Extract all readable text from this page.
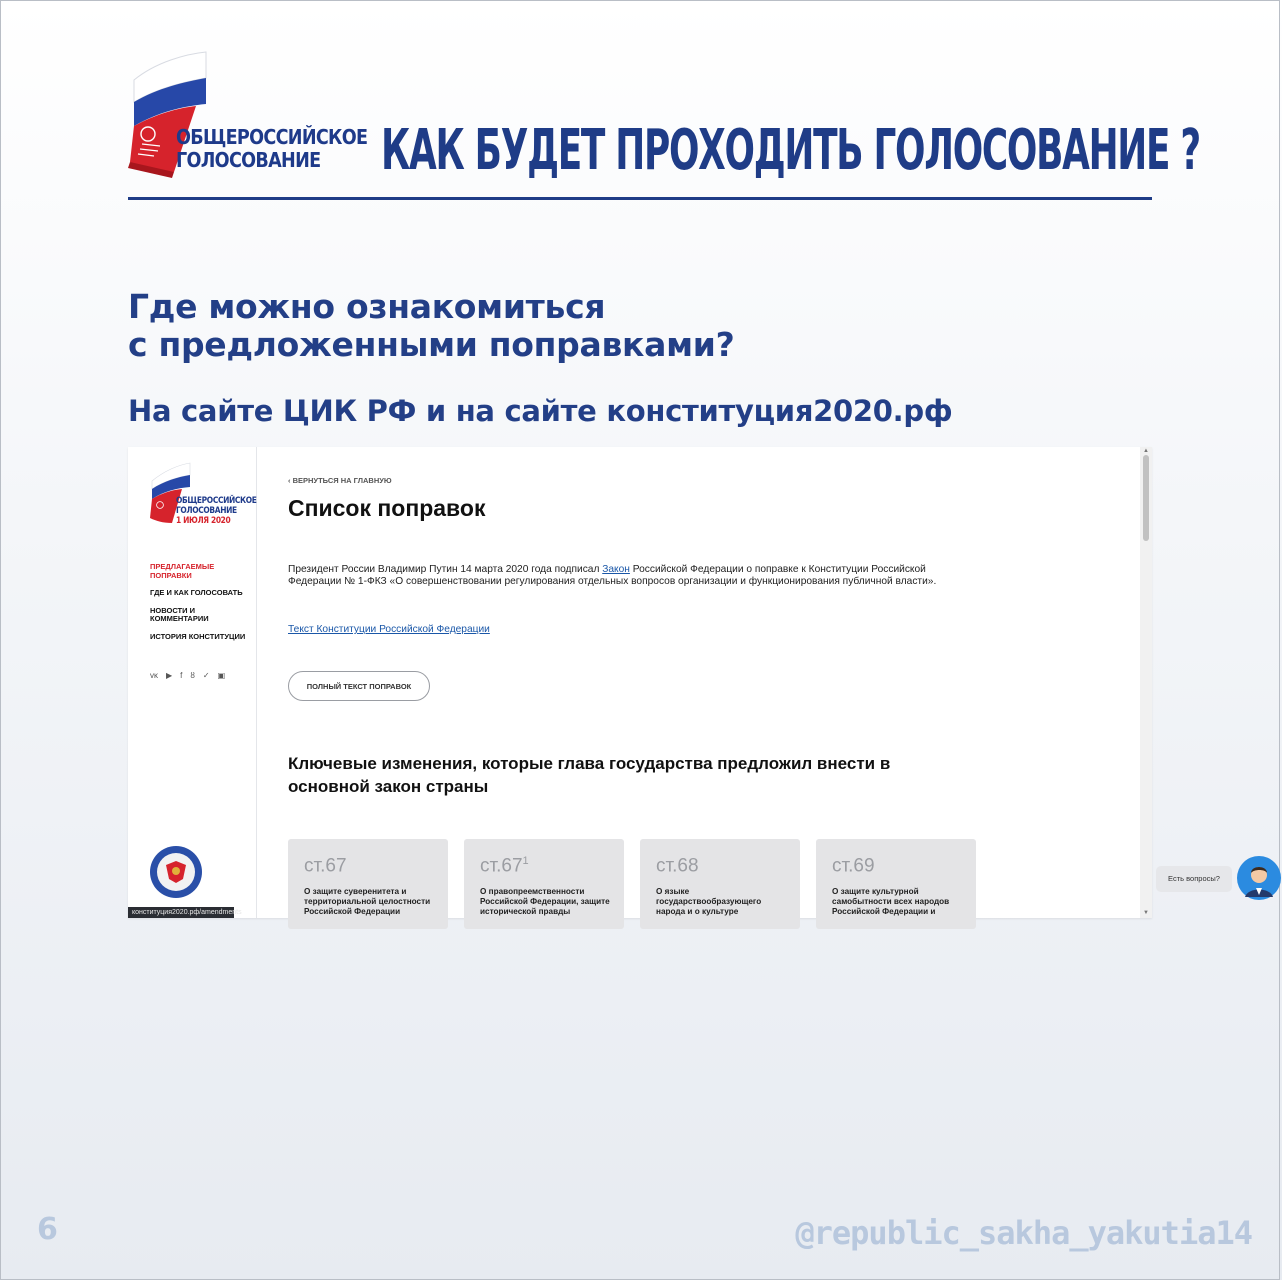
ОБЩЕРОССИЙСКОЕ
ГОЛОСОВАНИЕ	КАК БУДЕТ ПРОХОДИТЬ ГОЛОСОВАНИЕ ?
Где можно ознакомиться
с предложенными поправками?
На сайте ЦИК РФ и на сайте конституция2020.рф
ОБЩЕРОССИЙСКОЕ
ГОЛОСОВАНИЕ
1 ИЮЛЯ 2020
ПРЕДЛАГАЕМЫЕ ПОПРАВКИ
ГДЕ И КАК ГОЛОСОВАТЬ
НОВОСТИ И КОММЕНТАРИИ
ИСТОРИЯ КОНСТИТУЦИИ
ᴠᴋ ▶ f ȣ ✓ ▣
конституция2020.рф/amendments
‹ ВЕРНУТЬСЯ НА ГЛАВНУЮ
Список поправок

Президент России Владимир Путин 14 марта 2020 года подписал Закон Российской Федерации о поправке к Конституции Российской Федерации № 1-ФКЗ «О совершенствовании регулирования отдельных вопросов организации и функционирования публичной власти».

Текст Конституции Российской Федерации
ПОЛНЫЙ ТЕКСТ ПОПРАВОК
Ключевые изменения, которые глава государства предложил внести в основной закон страны
ст.67
О защите суверенитета и территориальной целостности Российской Федерации
$ст.67^1$
О правопреемственности Российской Федерации, защите исторической правды
ст.68
О языке государствообразующего народа и о культуре
ст.69
О защите культурной самобытности всех народов Российской Федерации и
Есть вопросы?
▲
▼
6	@republic_sakha_yakutia14
